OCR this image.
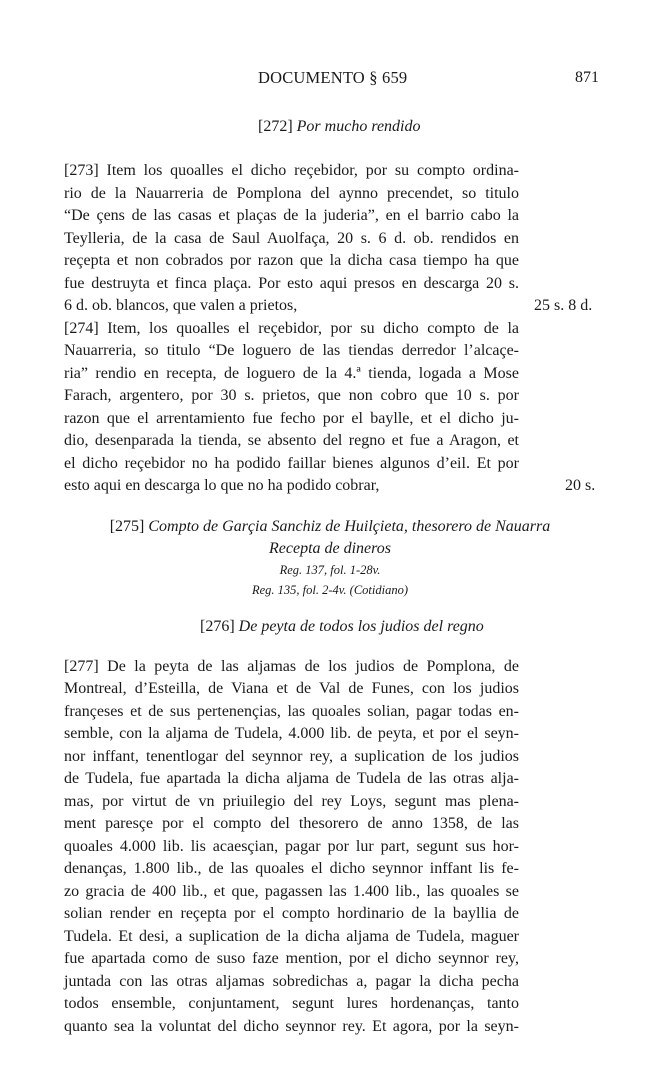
DOCUMENTO § 659	871
[272] Por mucho rendido
[273] Item los quoalles el dicho reçebidor, por su compto ordina-
rio de la Nauarreria de Pomplona del aynno precendet, so titulo
“De çens de las casas et plaças de la juderia”, en el barrio cabo la
Teylleria, de la casa de Saul Auolfaça, 20 s. 6 d. ob. rendidos en
reçepta et non cobrados por razon que la dicha casa tiempo ha que
fue destruyta et finca plaça. Por esto aqui presos en descarga 20 s.
6 d. ob. blancos, que valen a prietos,	25 s. 8 d.
[274] Item, los quoalles el reçebidor, por su dicho compto de la
Nauarreria, so titulo “De loguero de las tiendas derredor l’alcaçe-
ria” rendio en recepta, de loguero de la 4.ª tienda, logada a Mose
Farach, argentero, por 30 s. prietos, que non cobro que 10 s. por
razon que el arrentamiento fue fecho por el baylle, et el dicho ju-
dio, desenparada la tienda, se absento del regno et fue a Aragon, et
el dicho reçebidor no ha podido faillar bienes algunos d’eil. Et por
esto aqui en descarga lo que no ha podido cobrar,	20 s.
[275] Compto de Garçia Sanchiz de Huilçieta, thesorero de Nauarra
Recepta de dineros
Reg. 137, fol. 1-28v.
Reg. 135, fol. 2-4v. (Cotidiano)
[276] De peyta de todos los judios del regno
[277] De la peyta de las aljamas de los judios de Pomplona, de
Montreal, d’Esteilla, de Viana et de Val de Funes, con los judios
françeses et de sus pertenençias, las quoales solian, pagar todas en-
semble, con la aljama de Tudela, 4.000 lib. de peyta, et por el seyn-
nor inffant, tenentlogar del seynnor rey, a suplication de los judios
de Tudela, fue apartada la dicha aljama de Tudela de las otras alja-
mas, por virtut de vn priuilegio del rey Loys, segunt mas plena-
ment paresçe por el compto del thesorero de anno 1358, de las
quoales 4.000 lib. lis acaesçian, pagar por lur part, segunt sus hor-
denanças, 1.800 lib., de las quoales el dicho seynnor inffant lis fe-
zo gracia de 400 lib., et que, pagassen las 1.400 lib., las quoales se
solian render en reçepta por el compto hordinario de la bayllia de
Tudela. Et desi, a suplication de la dicha aljama de Tudela, maguer
fue apartada como de suso faze mention, por el dicho seynnor rey,
juntada con las otras aljamas sobredichas a, pagar la dicha pecha
todos ensemble, conjuntament, segunt lures hordenanças, tanto
quanto sea la voluntat del dicho seynnor rey. Et agora, por la seyn-
